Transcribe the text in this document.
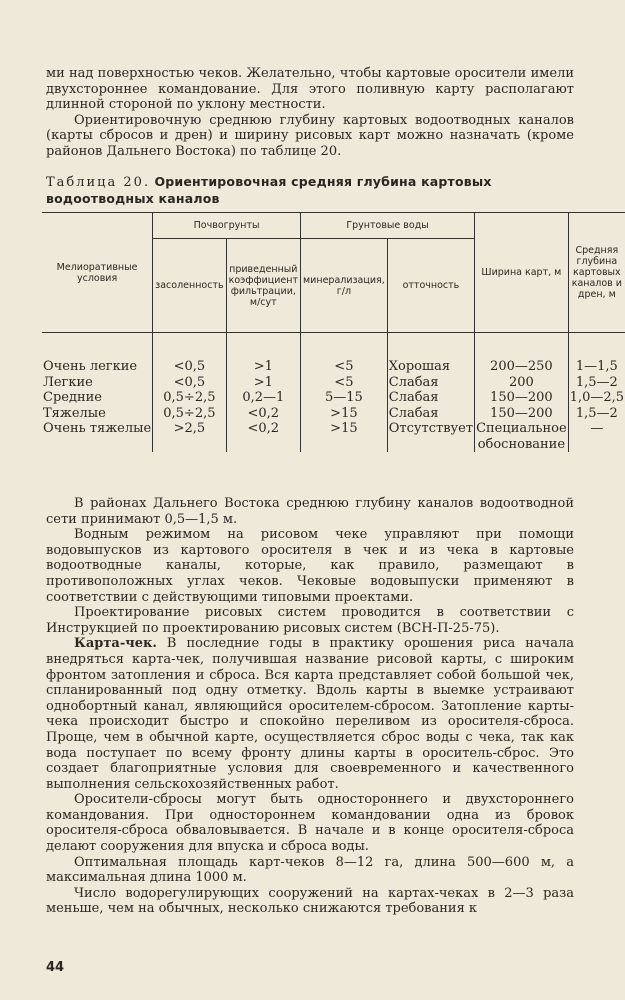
ми над поверхностью чеков. Желательно, чтобы картовые оросители имели двухстороннее командование. Для этого поливную карту располагают длинной стороной по уклону местности.

Ориентировочную среднюю глубину картовых водоотводных каналов (карты сбросов и дрен) и ширину рисовых карт можно назначать (кроме районов Дальнего Востока) по таблице 20.

Таблица 20. Ориентировочная средняя глубина картовых водоотводных каналов
Мелиоративные условия	Почвогрунты		Грунтовые воды		Ширина карт, м	Средняя глубина картовых каналов и дрен, м
	засоленность	приведенный коэффициент фильтрации, м/сут	минерализация, г/л	отточность		
Очень легкие	<0,5	>1	<5	Хорошая	200—250	1—1,5
Легкие	<0,5	>1	<5	Слабая	200	1,5—2
Средние	0,5÷2,5	0,2—1	5—15	Слабая	150—200	1,0—2,5
Тяжелые	0,5÷2,5	<0,2	>15	Слабая	150—200	1,5—2
Очень тяжелые	>2,5	<0,2	>15	Отсутствует	Специальное обоснование	—

В районах Дальнего Востока среднюю глубину каналов водоотводной сети принимают 0,5—1,5 м.

Водным режимом на рисовом чеке управляют при помощи водовыпусков из картового оросителя в чек и из чека в картовые водоотводные каналы, которые, как правило, размещают в противоположных углах чеков. Чековые водовыпуски применяют в соответствии с действующими типовыми проектами.

Проектирование рисовых систем проводится в соответствии с Инструкцией по проектированию рисовых систем (ВСН-П-25-75).

Карта-чек. В последние годы в практику орошения риса начала внедряться карта-чек, получившая название рисовой карты, с широким фронтом затопления и сброса. Вся карта представляет собой большой чек, спланированный под одну отметку. Вдоль карты в выемке устраивают однобортный канал, являющийся оросителем-сбросом. Затопление карты-чека происходит быстро и спокойно переливом из оросителя-сброса. Проще, чем в обычной карте, осуществляется сброс воды с чека, так как вода поступает по всему фронту длины карты в ороситель-сброс. Это создает благоприятные условия для своевременного и качественного выполнения сельскохозяйственных работ.

Оросители-сбросы могут быть одностороннего и двухстороннего командования. При одностороннем командовании одна из бровок оросителя-сброса обваловывается. В начале и в конце оросителя-сброса делают сооружения для впуска и сброса воды.

Оптимальная площадь карт-чеков 8—12 га, длина 500—600 м, а максимальная длина 1000 м.

Число водорегулирующих сооружений на картах-чеках в 2—3 раза меньше, чем на обычных, несколько снижаются требования к

44
